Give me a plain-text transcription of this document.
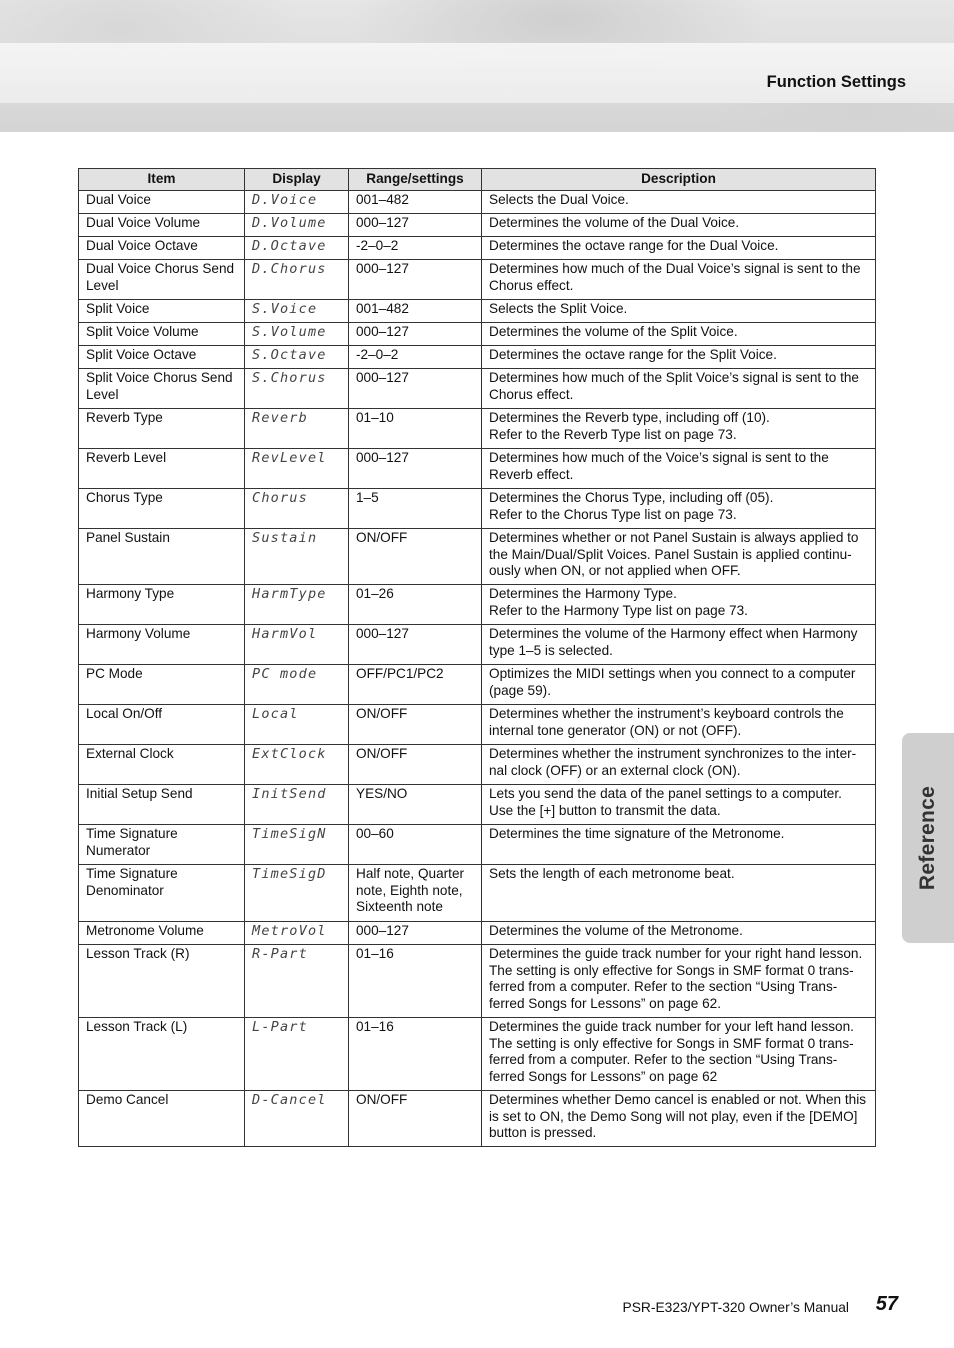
Function Settings
Reference
Item	Display	Range/settings	Description
Dual Voice	D.Voice	001–482	Selects the Dual Voice.
Dual Voice Volume	D.Volume	000–127	Determines the volume of the Dual Voice.
Dual Voice Octave	D.Octave	-2–0–2	Determines the octave range for the Dual Voice.
Dual Voice Chorus Send Level	D.Chorus	000–127	Determines how much of the Dual Voice’s signal is sent to the Chorus effect.
Split Voice	S.Voice	001–482	Selects the Split Voice.
Split Voice Volume	S.Volume	000–127	Determines the volume of the Split Voice.
Split Voice Octave	S.Octave	-2–0–2	Determines the octave range for the Split Voice.
Split Voice Chorus Send Level	S.Chorus	000–127	Determines how much of the Split Voice’s signal is sent to the Chorus effect.
Reverb Type	Reverb	01–10	Determines the Reverb type, including off (10).
Refer to the Reverb Type list on page 73.
Reverb Level	RevLevel	000–127	Determines how much of the Voice’s signal is sent to the Reverb effect.
Chorus Type	Chorus	1–5	Determines the Chorus Type, including off (05).
Refer to the Chorus Type list on page 73.
Panel Sustain	Sustain	ON/OFF	Determines whether or not Panel Sustain is always applied to the Main/Dual/Split Voices. Panel Sustain is applied continu-ously when ON, or not applied when OFF.
Harmony Type	HarmType	01–26	Determines the Harmony Type.
Refer to the Harmony Type list on page 73.
Harmony Volume	HarmVol	000–127	Determines the volume of the Harmony effect when Harmony type 1–5 is selected.
PC Mode	PC mode	OFF/PC1/PC2	Optimizes the MIDI settings when you connect to a computer (page 59).
Local On/Off	Local	ON/OFF	Determines whether the instrument’s keyboard controls the internal tone generator (ON) or not (OFF).
External Clock	ExtClock	ON/OFF	Determines whether the instrument synchronizes to the inter-nal clock (OFF) or an external clock (ON).
Initial Setup Send	InitSend	YES/NO	Lets you send the data of the panel settings to a computer.
Use the [+] button to transmit the data.
Time Signature Numerator	TimeSigN	00–60	Determines the time signature of the Metronome.
Time Signature Denominator	TimeSigD	Half note, Quarter note, Eighth note, Sixteenth note	Sets the length of each metronome beat.
Metronome Volume	MetroVol	000–127	Determines the volume of the Metronome.
Lesson Track (R)	R-Part	01–16	Determines the guide track number for your right hand lesson. The setting is only effective for Songs in SMF format 0 trans-ferred from a computer. Refer to the section “Using Trans-ferred Songs for Lessons” on page 62.
Lesson Track (L)	L-Part	01–16	Determines the guide track number for your left hand lesson. The setting is only effective for Songs in SMF format 0 trans-ferred from a computer. Refer to the section “Using Trans-ferred Songs for Lessons” on page 62
Demo Cancel	D-Cancel	ON/OFF	Determines whether Demo cancel is enabled or not. When this is set to ON, the Demo Song will not play, even if the [DEMO] button is pressed.
PSR-E323/YPT-320 Owner’s Manual 57
